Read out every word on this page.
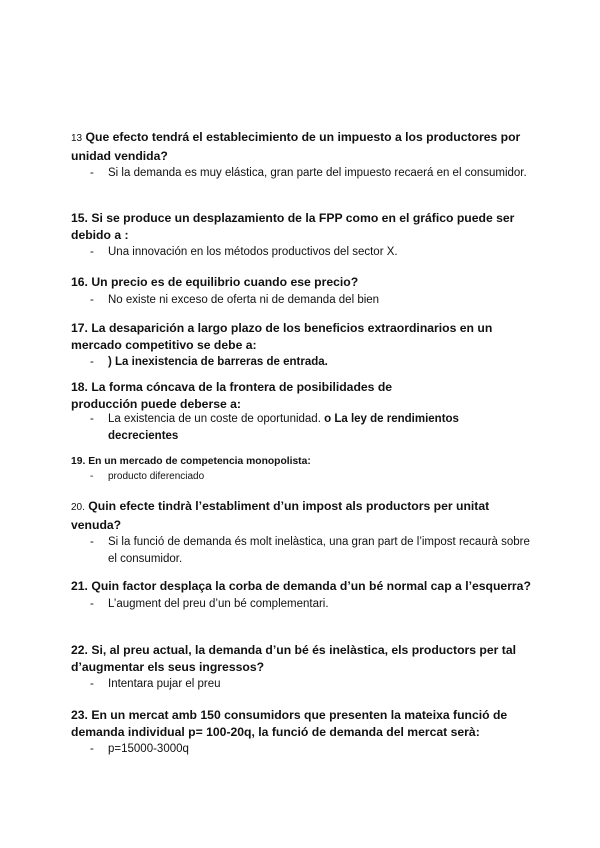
13 Que efecto tendrá el establecimiento de un impuesto a los productores por unidad vendida?

- Si la demanda es muy elástica, gran parte del impuesto recaerá en el consumidor.

15. Si se produce un desplazamiento de la FPP como en el gráfico puede ser debido a :

- Una innovación en los métodos productivos del sector X.

16. Un precio es de equilibrio cuando ese precio?

- No existe ni exceso de oferta ni de demanda del bien

17. La desaparición a largo plazo de los beneficios extraordinarios en un mercado competitivo se debe a:

- ) La inexistencia de barreras de entrada.

18. La forma cóncava de la frontera de posibilidades de
producción puede deberse a:

- La existencia de un coste de oportunidad. o La ley de rendimientos decrecientes

19. En un mercado de competencia monopolista:

- producto diferenciado

20. Quin efecte tindrà l’establiment d’un impost als productors per unitat venuda?

- Si la funció de demanda és molt inelàstica, una gran part de l’impost recaurà sobre el consumidor.

21. Quin factor desplaça la corba de demanda d’un bé normal cap a l’esquerra?

- L’augment del preu d’un bé complementari.

22. Si, al preu actual, la demanda d’un bé és inelàstica, els productors per tal d’augmentar els seus ingressos?

- Intentara pujar el preu

23. En un mercat amb 150 consumidors que presenten la mateixa funció de demanda individual p= 100-20q, la funció de demanda del mercat serà:

- p=15000-3000q
